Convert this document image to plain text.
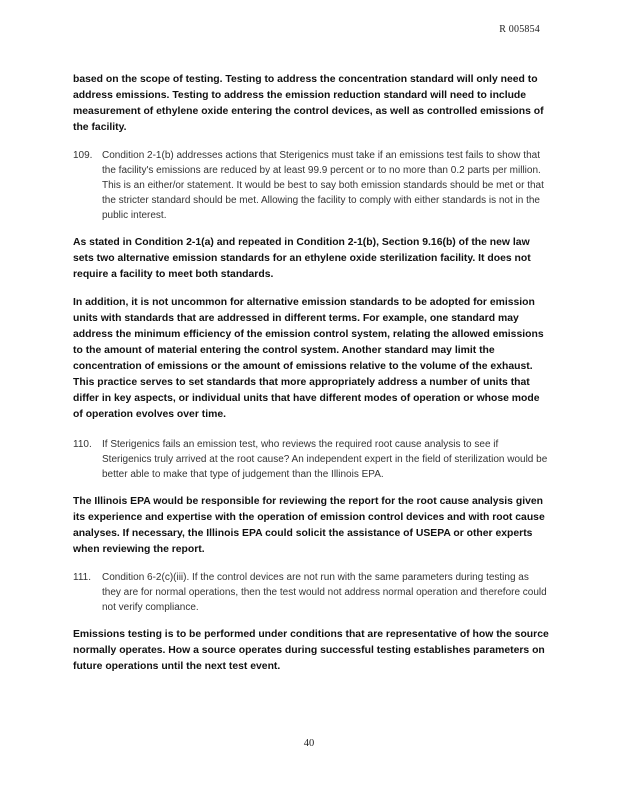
R 005854

based on the scope of testing. Testing to address the concentration standard will only need to address emissions. Testing to address the emission reduction standard will need to include measurement of ethylene oxide entering the control devices, as well as controlled emissions of the facility.

109. Condition 2-1(b) addresses actions that Sterigenics must take if an emissions test fails to show that the facility's emissions are reduced by at least 99.9 percent or to no more than 0.2 parts per million. This is an either/or statement. It would be best to say both emission standards should be met or that the stricter standard should be met. Allowing the facility to comply with either standards is not in the public interest.

As stated in Condition 2-1(a) and repeated in Condition 2-1(b), Section 9.16(b) of the new law sets two alternative emission standards for an ethylene oxide sterilization facility. It does not require a facility to meet both standards.

In addition, it is not uncommon for alternative emission standards to be adopted for emission units with standards that are addressed in different terms. For example, one standard may address the minimum efficiency of the emission control system, relating the allowed emissions to the amount of material entering the control system. Another standard may limit the concentration of emissions or the amount of emissions relative to the volume of the exhaust. This practice serves to set standards that more appropriately address a number of units that differ in key aspects, or individual units that have different modes of operation or whose mode of operation evolves over time.

110.	If Sterigenics fails an emission test, who reviews the required root cause analysis to see if Sterigenics truly arrived at the root cause? An independent expert in the field of sterilization would be better able to make that type of judgement than the Illinois EPA.

The Illinois EPA would be responsible for reviewing the report for the root cause analysis given its experience and expertise with the operation of emission control devices and with root cause analyses. If necessary, the Illinois EPA could solicit the assistance of USEPA or other experts when reviewing the report.

111.	Condition 6-2(c)(iii). If the control devices are not run with the same parameters during testing as they are for normal operations, then the test would not address normal operation and therefore could not verify compliance.

Emissions testing is to be performed under conditions that are representative of how the source normally operates. How a source operates during successful testing establishes parameters on future operations until the next test event.

40
